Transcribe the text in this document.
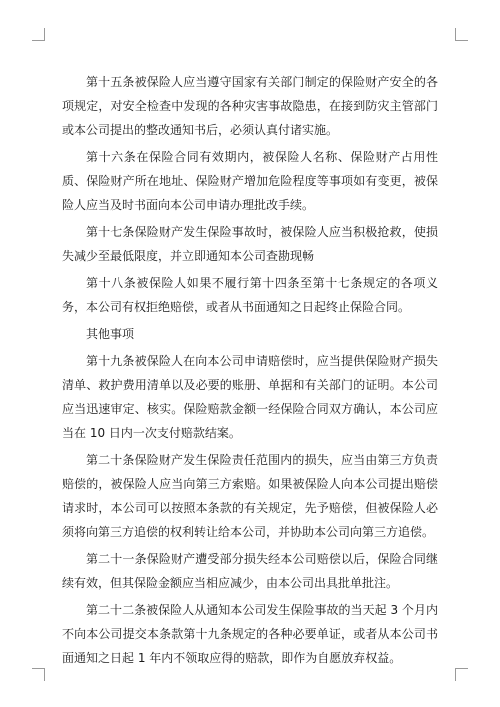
第十五条被保险人应当遵守国家有关部门制定的保险财产安全的各项规定，对安全检查中发现的各种灾害事故隐患，在接到防灾主管部门或本公司提出的整改通知书后，必须认真付诸实施。

第十六条在保险合同有效期内，被保险人名称、保险财产占用性质、保险财产所在地址、保险财产增加危险程度等事项如有变更，被保险人应当及时书面向本公司申请办理批改手续。

第十七条保险财产发生保险事故时，被保险人应当积极抢救，使损失减少至最低限度，并立即通知本公司查勘现畅

第十八条被保险人如果不履行第十四条至第十七条规定的各项义务，本公司有权拒绝赔偿，或者从书面通知之日起终止保险合同。

其他事项

第十九条被保险人在向本公司申请赔偿时，应当提供保险财产损失清单、救护费用清单以及必要的账册、单据和有关部门的证明。本公司应当迅速审定、核实。保险赔款金额一经保险合同双方确认，本公司应当在 10 日内一次支付赔款结案。

第二十条保险财产发生保险责任范围内的损失，应当由第三方负责赔偿的，被保险人应当向第三方索赔。如果被保险人向本公司提出赔偿请求时，本公司可以按照本条款的有关规定，先予赔偿，但被保险人必须将向第三方追偿的权利转让给本公司，并协助本公司向第三方追偿。

第二十一条保险财产遭受部分损失经本公司赔偿以后，保险合同继续有效，但其保险金额应当相应减少，由本公司出具批单批注。

第二十二条被保险人从通知本公司发生保险事故的当天起 3 个月内不向本公司提交本条款第十九条规定的各种必要单证，或者从本公司书面通知之日起 1 年内不领取应得的赔款，即作为自愿放弃权益。
